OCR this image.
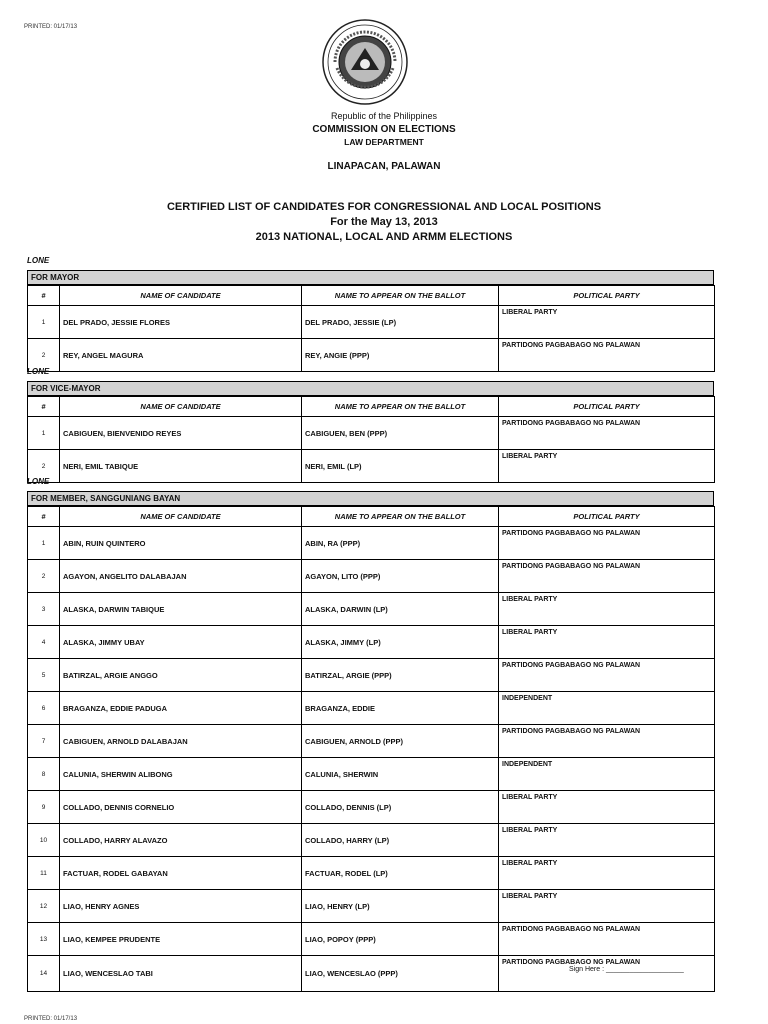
PRINTED: 01/17/13
Republic of the Philippines
COMMISSION ON ELECTIONS
LAW DEPARTMENT
LINAPACAN, PALAWAN
CERTIFIED LIST OF CANDIDATES FOR CONGRESSIONAL AND LOCAL POSITIONS
For the May 13, 2013
2013 NATIONAL, LOCAL AND ARMM ELECTIONS
LONE
FOR MAYOR
#	NAME OF CANDIDATE	NAME TO APPEAR ON THE BALLOT	POLITICAL PARTY
1	DEL PRADO, JESSIE FLORES	DEL PRADO, JESSIE (LP)	LIBERAL PARTY
2	REY, ANGEL MAGURA	REY, ANGIE (PPP)	PARTIDONG PAGBABAGO NG PALAWAN
LONE
FOR VICE-MAYOR
#	NAME OF CANDIDATE	NAME TO APPEAR ON THE BALLOT	POLITICAL PARTY
1	CABIGUEN, BIENVENIDO REYES	CABIGUEN, BEN (PPP)	PARTIDONG PAGBABAGO NG PALAWAN
2	NERI, EMIL TABIQUE	NERI, EMIL (LP)	LIBERAL PARTY
LONE
FOR MEMBER, SANGGUNIANG BAYAN
#	NAME OF CANDIDATE	NAME TO APPEAR ON THE BALLOT	POLITICAL PARTY
1	ABIN, RUIN QUINTERO	ABIN, RA (PPP)	PARTIDONG PAGBABAGO NG PALAWAN
2	AGAYON, ANGELITO DALABAJAN	AGAYON, LITO (PPP)	PARTIDONG PAGBABAGO NG PALAWAN
3	ALASKA, DARWIN TABIQUE	ALASKA, DARWIN (LP)	LIBERAL PARTY
4	ALASKA, JIMMY UBAY	ALASKA, JIMMY (LP)	LIBERAL PARTY
5	BATIRZAL, ARGIE ANGGO	BATIRZAL, ARGIE (PPP)	PARTIDONG PAGBABAGO NG PALAWAN
6	BRAGANZA, EDDIE PADUGA	BRAGANZA, EDDIE	INDEPENDENT
7	CABIGUEN, ARNOLD DALABAJAN	CABIGUEN, ARNOLD (PPP)	PARTIDONG PAGBABAGO NG PALAWAN
8	CALUNIA, SHERWIN ALIBONG	CALUNIA, SHERWIN	INDEPENDENT
9	COLLADO, DENNIS CORNELIO	COLLADO, DENNIS (LP)	LIBERAL PARTY
10	COLLADO, HARRY ALAVAZO	COLLADO, HARRY (LP)	LIBERAL PARTY
11	FACTUAR, RODEL GABAYAN	FACTUAR, RODEL (LP)	LIBERAL PARTY
12	LIAO, HENRY AGNES	LIAO, HENRY (LP)	LIBERAL PARTY
13	LIAO, KEMPEE PRUDENTE	LIAO, POPOY (PPP)	PARTIDONG PAGBABAGO NG PALAWAN
14	LIAO, WENCESLAO TABI	LIAO, WENCESLAO (PPP)	PARTIDONG PAGBABAGO NG PALAWAN
Sign Here : ____________________
PRINTED: 01/17/13
